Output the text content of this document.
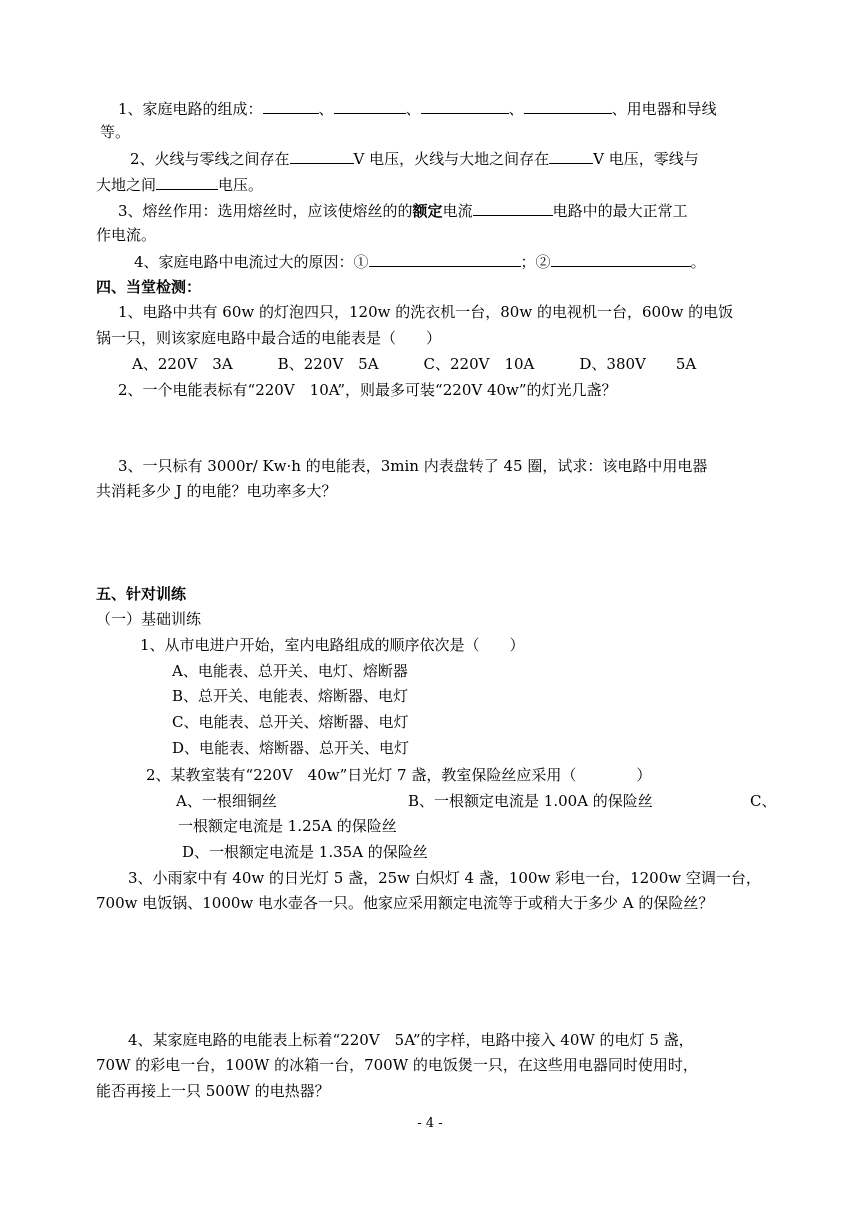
1、家庭电路的组成：	、	、	、	、用电器和导线
等。
2、火线与零线之间存在	V 电压，火线与大地之间存在	V 电压，零线与
大地之间	电压。
3、熔丝作用：选用熔丝时，应该使熔丝的的额定电流	电路中的最大正常工
作电流。
4、家庭电路中电流过大的原因：①	；②	。
四、当堂检测：
1、电路中共有 60w 的灯泡四只，120w 的洗衣机一台，80w 的电视机一台，600w 的电饭
锅一只，则该家庭电路中最合适的电能表是（　　）
A、220V　3A　　　B、220V　5A　　　C、220V　10A　　　D、380V　　5A
2、一个电能表标有“220V　10A”，则最多可装“220V 40w”的灯光几盏？
3、一只标有 3000r/ Kw·h 的电能表，3min 内表盘转了 45 圈，试求：该电路中用电器
共消耗多少 J 的电能？电功率多大？
五、针对训练
（一）基础训练
1、从市电进户开始，室内电路组成的顺序依次是（　　）
A、电能表、总开关、电灯、熔断器
B、总开关、电能表、熔断器、电灯
C、电能表、总开关、熔断器、电灯
D、电能表、熔断器、总开关、电灯
2、某教室装有“220V　40w”日光灯 7 盏，教室保险丝应采用（　　　　）
A、一根细铜丝	B、一根额定电流是 1.00A 的保险丝	C、
一根额定电流是 1.25A 的保险丝
D、一根额定电流是 1.35A 的保险丝
3、小雨家中有 40w 的日光灯 5 盏，25w 白炽灯 4 盏，100w 彩电一台，1200w 空调一台，
700w 电饭锅、1000w 电水壶各一只。他家应采用额定电流等于或稍大于多少 A 的保险丝？
4、某家庭电路的电能表上标着“220V　5A”的字样，电路中接入 40W 的电灯 5 盏，
70W 的彩电一台，100W 的冰箱一台，700W 的电饭煲一只，在这些用电器同时使用时，
能否再接上一只 500W 的电热器？
- 4 -
